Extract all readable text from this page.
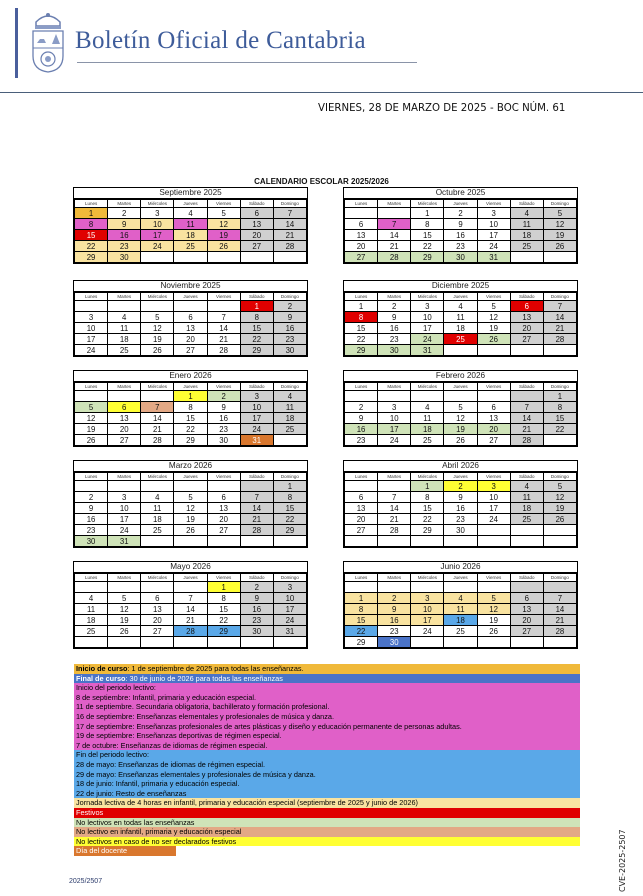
Boletín Oficial de Cantabria
VIERNES, 28 DE MARZO DE 2025 - BOC NÚM. 61
CALENDARIO ESCOLAR 2025/2026
Septiembre 2025
Lunes	Martes	Miércoles	Jueves	Viernes	Sábado	Domingo
1	2	3	4	5	6	7
8	9	10	11	12	13	14
15	16	17	18	19	20	21
22	23	24	25	26	27	28
29	30					
Octubre 2025
Lunes	Martes	Miércoles	Jueves	Viernes	Sábado	Domingo
		1	2	3	4	5
6	7	8	9	10	11	12
13	14	15	16	17	18	19
20	21	22	23	24	25	26
27	28	29	30	31		
Noviembre 2025
Lunes	Martes	Miércoles	Jueves	Viernes	Sábado	Domingo
					1	2
3	4	5	6	7	8	9
10	11	12	13	14	15	16
17	18	19	20	21	22	23
24	25	26	27	28	29	30
Diciembre 2025
Lunes	Martes	Miércoles	Jueves	Viernes	Sábado	Domingo
1	2	3	4	5	6	7
8	9	10	11	12	13	14
15	16	17	18	19	20	21
22	23	24	25	26	27	28
29	30	31				
Enero 2026
Lunes	Martes	Miércoles	Jueves	Viernes	Sábado	Domingo
			1	2	3	4
5	6	7	8	9	10	11
12	13	14	15	16	17	18
19	20	21	22	23	24	25
26	27	28	29	30	31	
Febrero 2026
Lunes	Martes	Miércoles	Jueves	Viernes	Sábado	Domingo
						1
2	3	4	5	6	7	8
9	10	11	12	13	14	15
16	17	18	19	20	21	22
23	24	25	26	27	28	
Marzo 2026
Lunes	Martes	Miércoles	Jueves	Viernes	Sábado	Domingo
						1
2	3	4	5	6	7	8
9	10	11	12	13	14	15
16	17	18	19	20	21	22
23	24	25	26	27	28	29
30	31					
Abril 2026
Lunes	Martes	Miércoles	Jueves	Viernes	Sábado	Domingo
		1	2	3	4	5
6	7	8	9	10	11	12
13	14	15	16	17	18	19
20	21	22	23	24	25	26
27	28	29	30			

Mayo 2026
Lunes	Martes	Miércoles	Jueves	Viernes	Sábado	Domingo
				1	2	3
4	5	6	7	8	9	10
11	12	13	14	15	16	17
18	19	20	21	22	23	24
25	26	27	28	29	30	31

Junio 2026
Lunes	Martes	Miércoles	Jueves	Viernes	Sábado	Domingo

1	2	3	4	5	6	7
8	9	10	11	12	13	14
15	16	17	18	19	20	21
22	23	24	25	26	27	28
29	30					
Inicio de curso: 1 de septiembre de 2025 para todas las enseñanzas.
Final de curso: 30 de junio de 2026 para todas las enseñanzas
Inicio del periodo lectivo:
8 de septiembre: Infantil, primaria y educación especial.
11 de septiembre. Secundaria obligatoria, bachillerato y formación profesional.
16 de septiembre: Enseñanzas elementales y profesionales de música y danza.
17 de septiembre: Enseñanzas profesionales de artes plásticas y diseño y educación permanente de personas adultas.
19 de septiembre: Enseñanzas deportivas de régimen especial.
7 de octubre: Enseñanzas de idiomas de régimen especial.
Fin del periodo lectivo:
28 de mayo: Enseñanzas de idiomas de régimen especial.
29 de mayo: Enseñanzas elementales y profesionales de música y danza.
18 de junio: Infantil, primaria y educación especial.
22 de junio: Resto de enseñanzas
Jornada lectiva de 4 horas en infantil, primaria y educación especial (septiembre de 2025 y junio de 2026)
Festivos
No lectivos en todas las enseñanzas
No lectivo en infantil, primaria y educación especial
No lectivos en caso de no ser declarados festivos
Día del docente
2025/2507	CVE-2025-2507
